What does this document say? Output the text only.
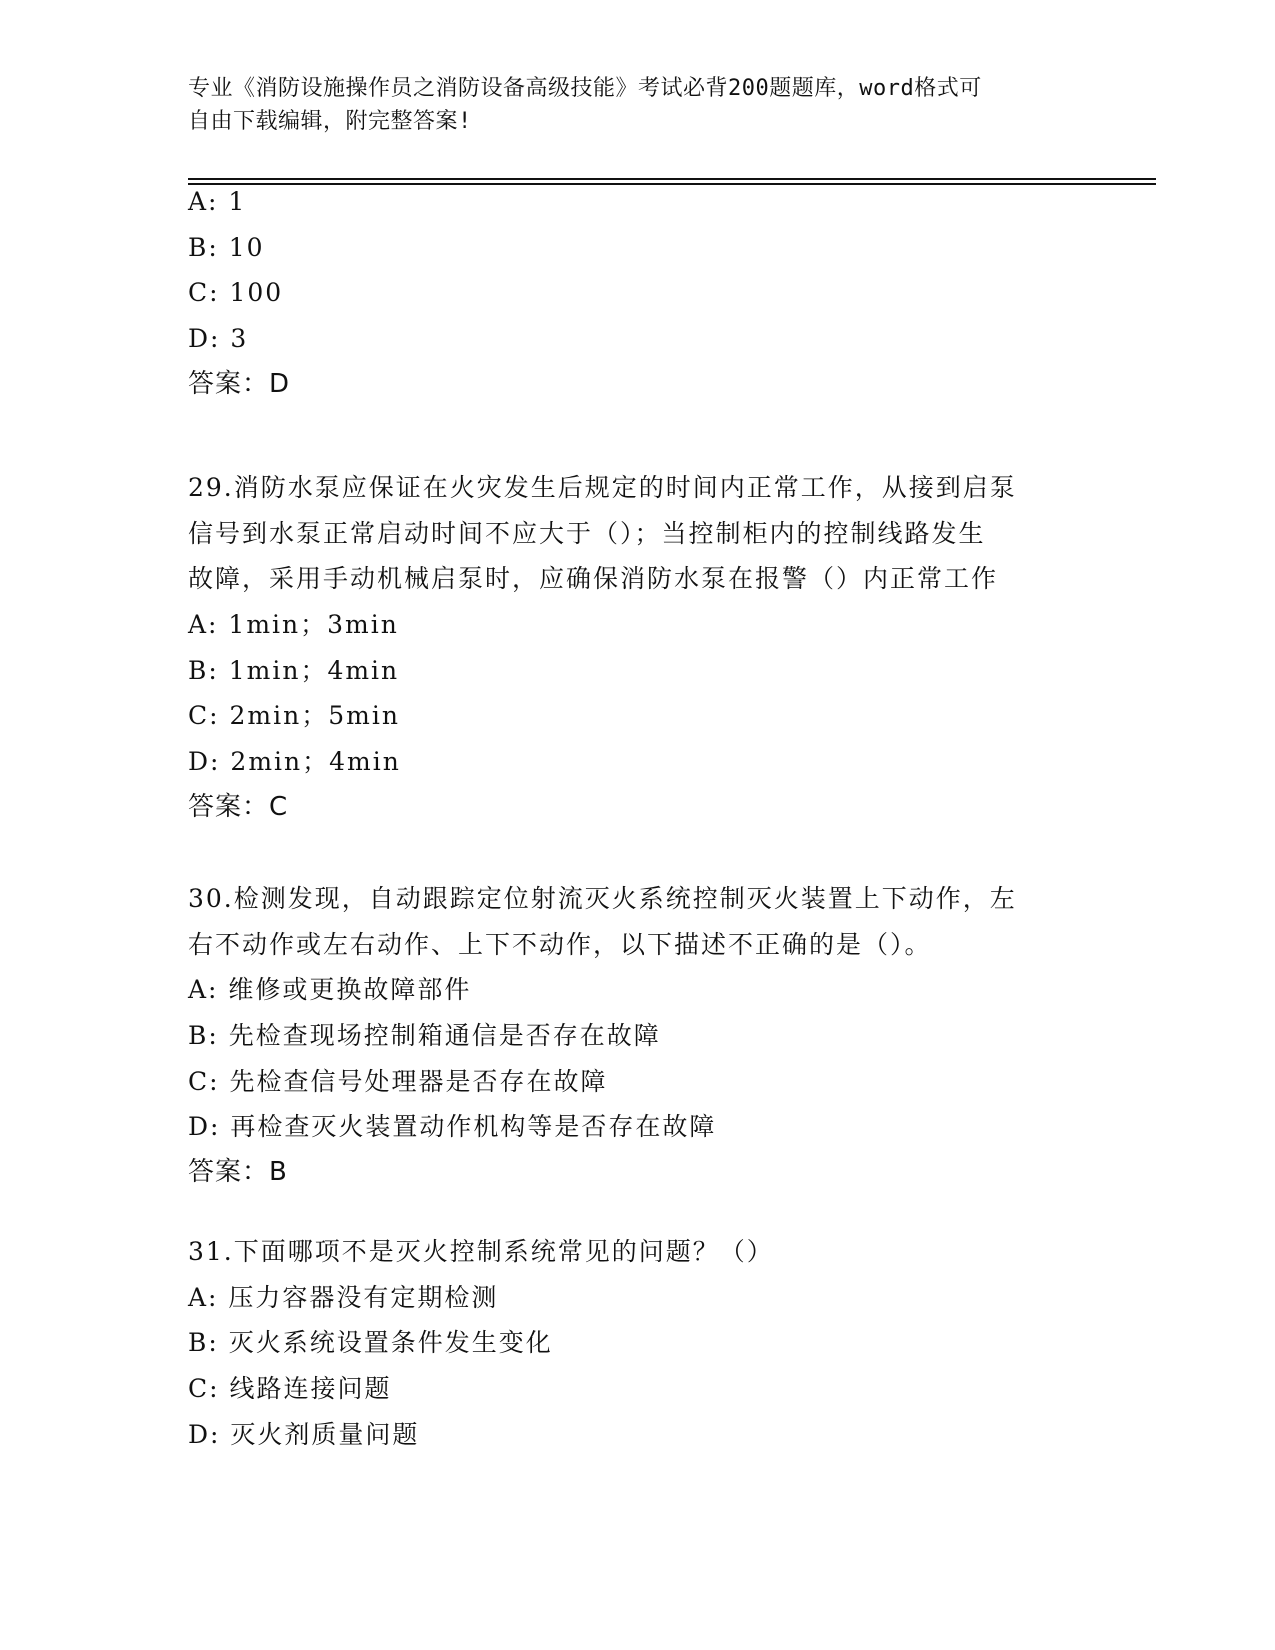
专业《消防设施操作员之消防设备高级技能》考试必背200题题库，word格式可
自由下载编辑，附完整答案!
A: 1
B: 10
C: 100
D: 3
答案：D
29.消防水泵应保证在火灾发生后规定的时间内正常工作，从接到启泵
信号到水泵正常启动时间不应大于（）；当控制柜内的控制线路发生
故障，采用手动机械启泵时，应确保消防水泵在报警（）内正常工作
A: 1min；3min
B: 1min；4min
C: 2min；5min
D: 2min；4min
答案：C
30.检测发现，自动跟踪定位射流灭火系统控制灭火装置上下动作，左
右不动作或左右动作、上下不动作，以下描述不正确的是（）。
A: 维修或更换故障部件
B: 先检查现场控制箱通信是否存在故障
C: 先检查信号处理器是否存在故障
D: 再检查灭火装置动作机构等是否存在故障
答案：B
31.下面哪项不是灭火控制系统常见的问题？（）
A: 压力容器没有定期检测
B: 灭火系统设置条件发生变化
C: 线路连接问题
D: 灭火剂质量问题
